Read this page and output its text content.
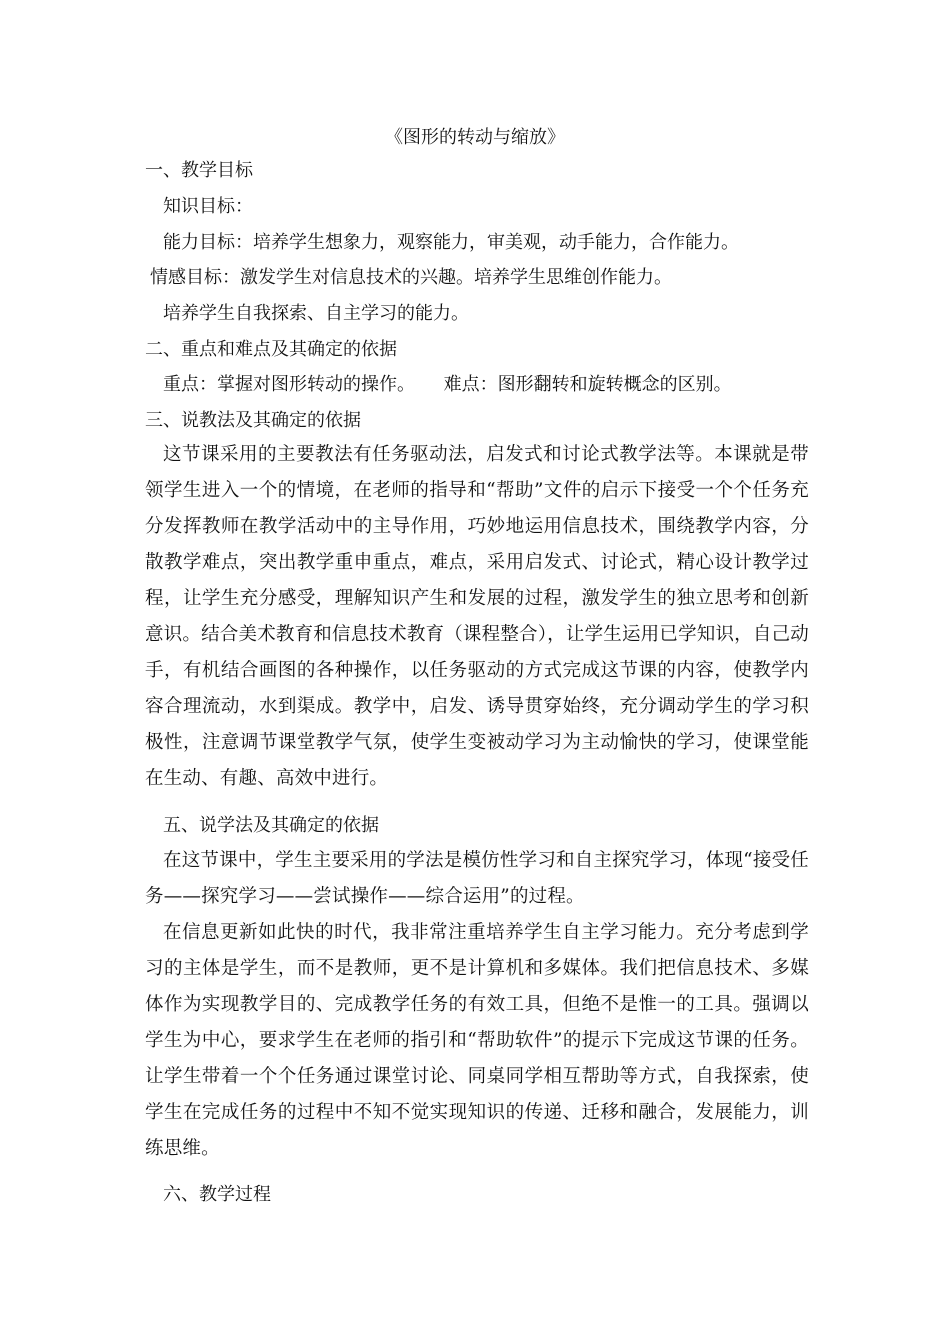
《图形的转动与缩放》
一、教学目标
知识目标：
能力目标：培养学生想象力，观察能力，审美观，动手能力，合作能力。
情感目标：激发学生对信息技术的兴趣。培养学生思维创作能力。
培养学生自我探索、自主学习的能力。
二、重点和难点及其确定的依据
重点：掌握对图形转动的操作。     难点：图形翻转和旋转概念的区别。
三、说教法及其确定的依据
这节课采用的主要教法有任务驱动法，启发式和讨论式教学法等。本课就是带领学生进入一个的情境，在老师的指导和“帮助”文件的启示下接受一个个任务充分发挥教师在教学活动中的主导作用，巧妙地运用信息技术，围绕教学内容，分散教学难点，突出教学重申重点，难点，采用启发式、讨论式，精心设计教学过程，让学生充分感受，理解知识产生和发展的过程，激发学生的独立思考和创新意识。结合美术教育和信息技术教育（课程整合），让学生运用已学知识，自己动手，有机结合画图的各种操作，以任务驱动的方式完成这节课的内容，使教学内容合理流动，水到渠成。教学中，启发、诱导贯穿始终，充分调动学生的学习积极性，注意调节课堂教学气氛，使学生变被动学习为主动愉快的学习，使课堂能在生动、有趣、高效中进行。
五、说学法及其确定的依据
在这节课中，学生主要采用的学法是模仿性学习和自主探究学习，体现“接受任务——探究学习——尝试操作——综合运用”的过程。
在信息更新如此快的时代，我非常注重培养学生自主学习能力。充分考虑到学习的主体是学生，而不是教师，更不是计算机和多媒体。我们把信息技术、多媒体作为实现教学目的、完成教学任务的有效工具，但绝不是惟一的工具。强调以学生为中心，要求学生在老师的指引和“帮助软件”的提示下完成这节课的任务。让学生带着一个个任务通过课堂讨论、同桌同学相互帮助等方式，自我探索，使学生在完成任务的过程中不知不觉实现知识的传递、迁移和融合，发展能力，训练思维。
六、教学过程
